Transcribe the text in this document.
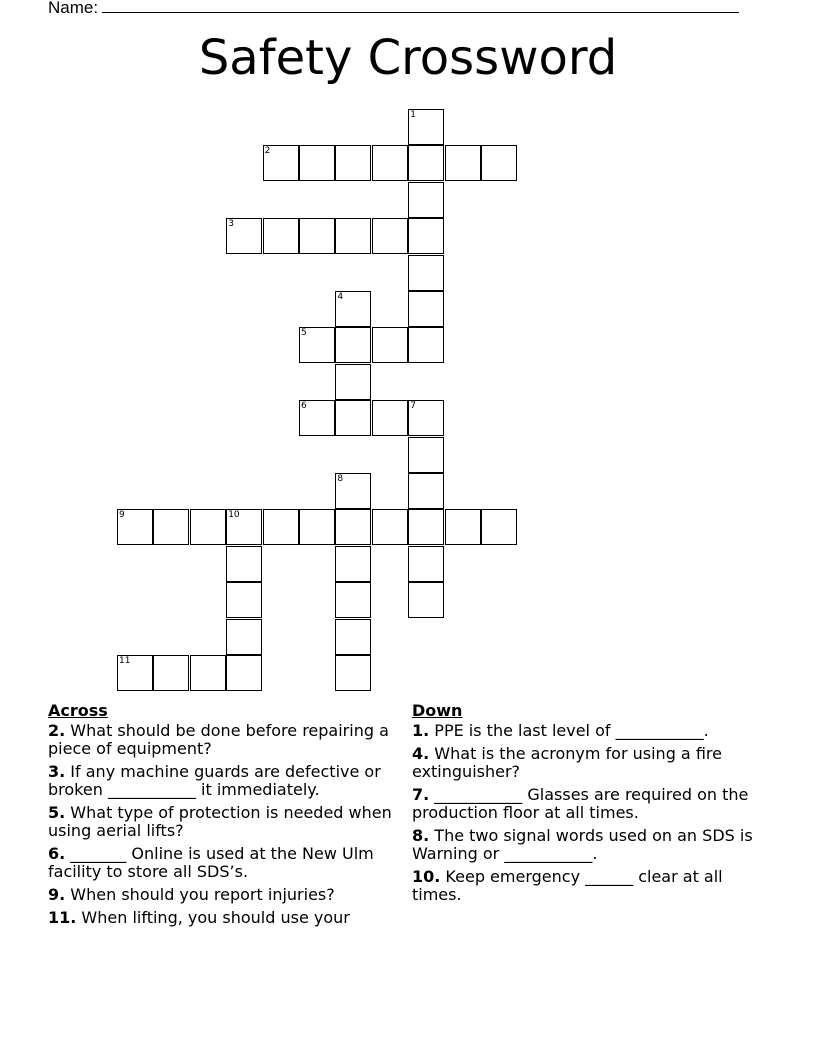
Name:
Safety Crossword
1
2
3
4
5
6	7
8
9	10
11
Across
2. What should be done before repairing a piece of equipment?
3. If any machine guards are defective or broken ___________ it immediately.
5. What type of protection is needed when using aerial lifts?
6. _______ Online is used at the New Ulm facility to store all SDS’s.
9. When should you report injuries?
11. When lifting, you should use your
Down
1. PPE is the last level of ___________.
4. What is the acronym for using a fire extinguisher?
7. ___________ Glasses are required on the production floor at all times.
8. The two signal words used on an SDS is Warning or ___________.
10. Keep emergency ______ clear at all times.
